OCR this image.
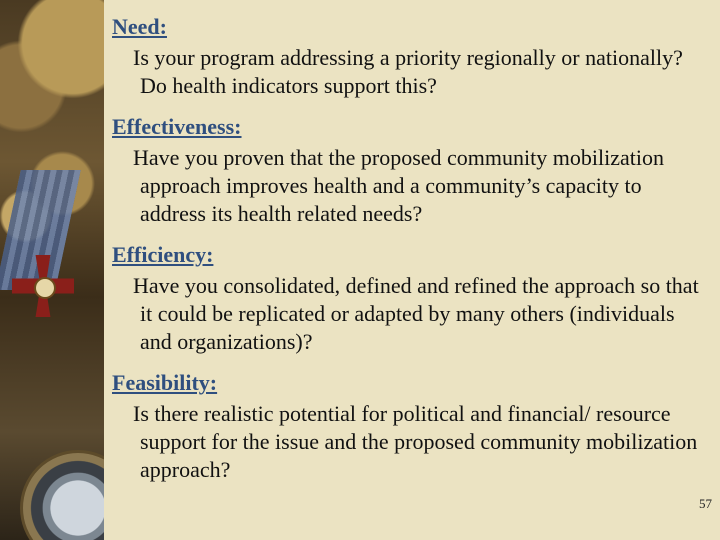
Need:
Is your program addressing a priority regionally or nationally? Do health indicators support this?
Effectiveness:
Have you proven that the proposed community mobilization approach improves health and a community’s capacity to address its health related needs?
Efficiency:
Have you consolidated, defined and refined the approach so that it could be replicated or adapted by many others (individuals and organizations)?
Feasibility:
Is there realistic potential for political and financial/ resource support for the issue and the proposed community mobilization approach?
57
